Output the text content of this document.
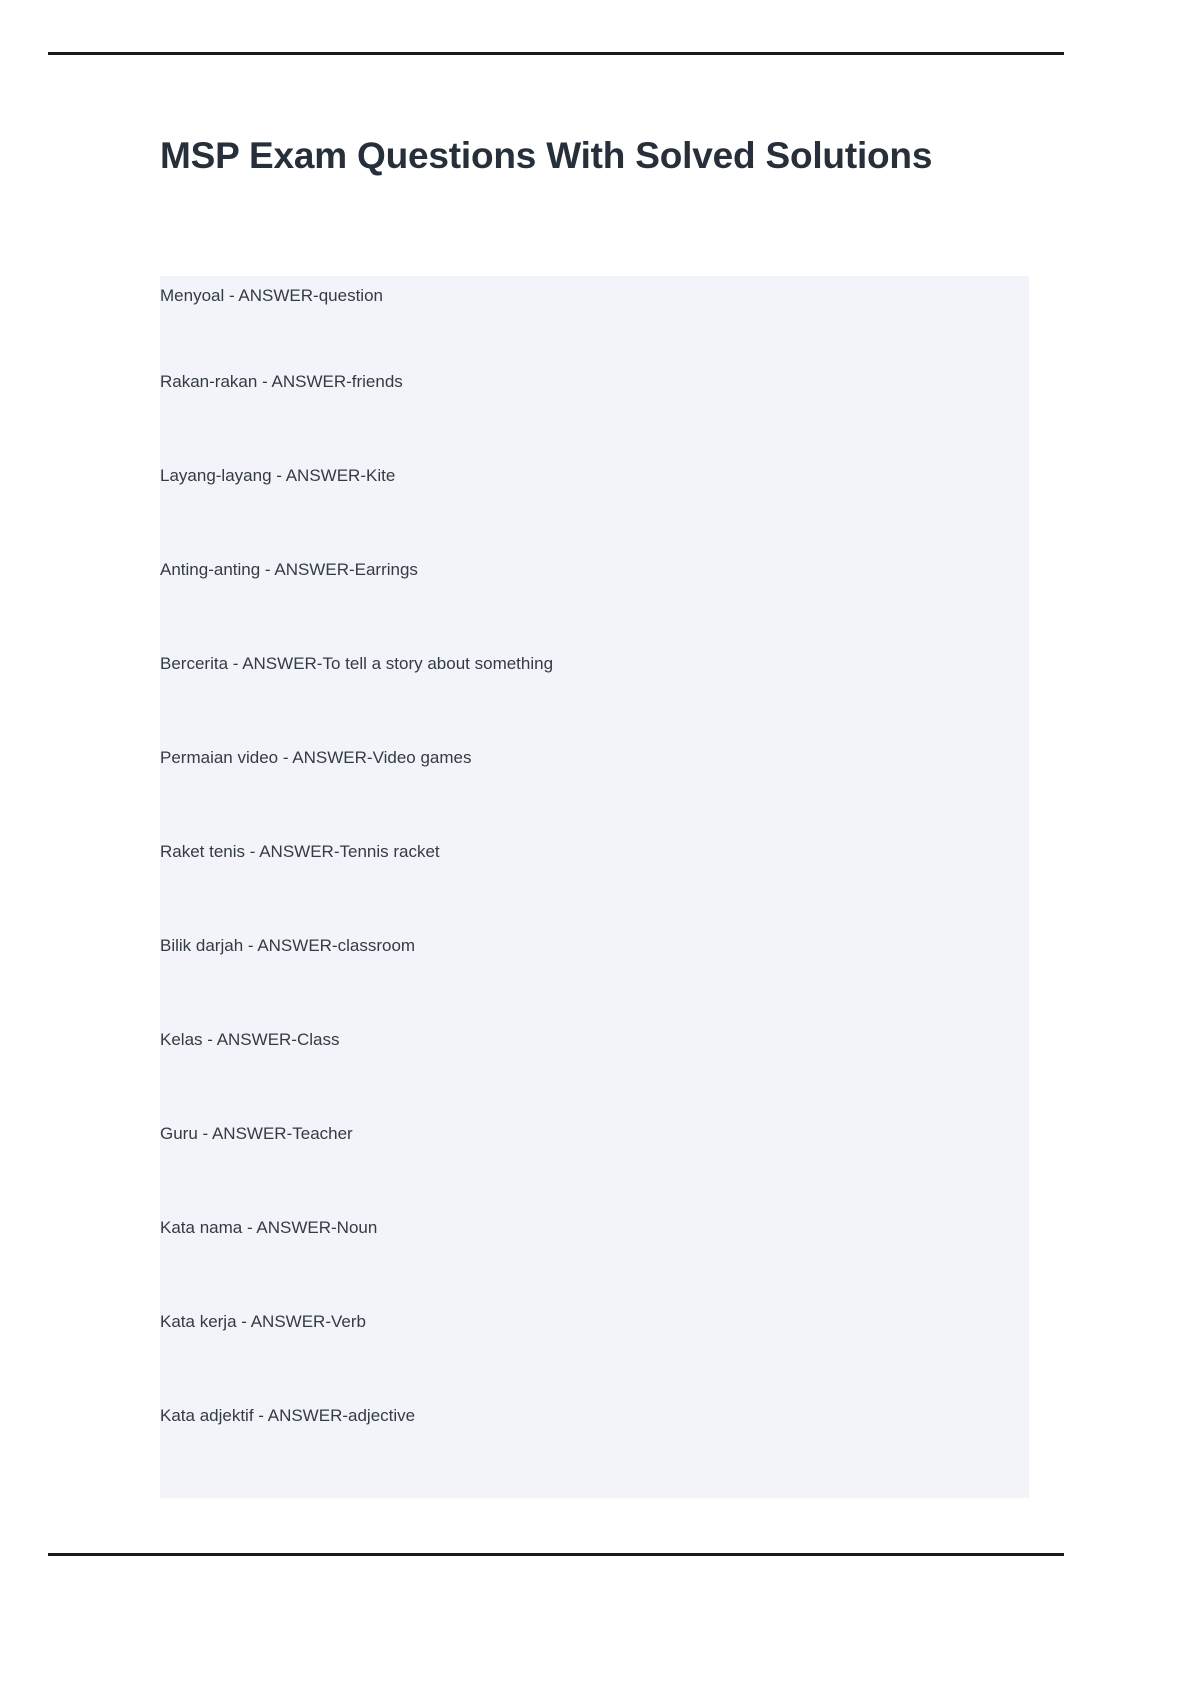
MSP Exam Questions With Solved Solutions
Menyoal - ANSWER-question
Rakan-rakan - ANSWER-friends
Layang-layang - ANSWER-Kite
Anting-anting - ANSWER-Earrings
Bercerita - ANSWER-To tell a story about something
Permaian video - ANSWER-Video games
Raket tenis - ANSWER-Tennis racket
Bilik darjah - ANSWER-classroom
Kelas - ANSWER-Class
Guru - ANSWER-Teacher
Kata nama - ANSWER-Noun
Kata kerja - ANSWER-Verb
Kata adjektif - ANSWER-adjective
